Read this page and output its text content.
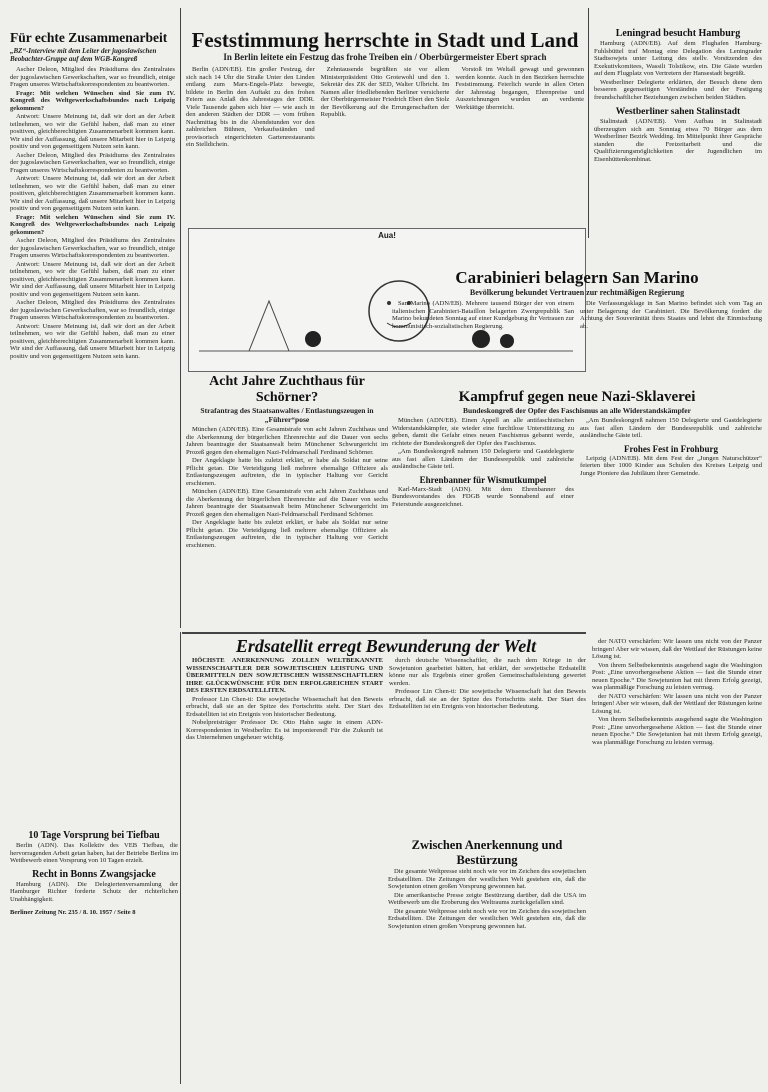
Für echte Zusammenarbeit
„BZ“-Interview mit dem Leiter der jugoslawischen Beobachter-Gruppe auf dem WGB-Kongreß

Ascher Deleon, Mitglied des Präsidiums des Zentralrates der jugoslawischen Gewerkschaften, war so freundlich, einige Fragen unseres Wirtschaftskorrespondenten zu beantworten.

Frage: Mit welchen Wünschen sind Sie zum IV. Kongreß des Weltgewerkschaftsbundes nach Leipzig gekommen?

Antwort: Unsere Meinung ist, daß wir dort an der Arbeit teilnehmen, wo wir die Gefühl haben, daß man zu einer positiven, gleichberechtigten Zusammenarbeit kommen kann. Wir sind der Auffassung, daß unsere Mitarbeit hier in Leipzig positiv und von gegenseitigem Nutzen sein kann.

Ascher Deleon, Mitglied des Präsidiums des Zentralrates der jugoslawischen Gewerkschaften, war so freundlich, einige Fragen unseres Wirtschaftskorrespondenten zu beantworten.

Antwort: Unsere Meinung ist, daß wir dort an der Arbeit teilnehmen, wo wir die Gefühl haben, daß man zu einer positiven, gleichberechtigten Zusammenarbeit kommen kann. Wir sind der Auffassung, daß unsere Mitarbeit hier in Leipzig positiv und von gegenseitigem Nutzen sein kann.

Frage: Mit welchen Wünschen sind Sie zum IV. Kongreß des Weltgewerkschaftsbundes nach Leipzig gekommen?

Ascher Deleon, Mitglied des Präsidiums des Zentralrates der jugoslawischen Gewerkschaften, war so freundlich, einige Fragen unseres Wirtschaftskorrespondenten zu beantworten.

Antwort: Unsere Meinung ist, daß wir dort an der Arbeit teilnehmen, wo wir die Gefühl haben, daß man zu einer positiven, gleichberechtigten Zusammenarbeit kommen kann. Wir sind der Auffassung, daß unsere Mitarbeit hier in Leipzig positiv und von gegenseitigem Nutzen sein kann.

Ascher Deleon, Mitglied des Präsidiums des Zentralrates der jugoslawischen Gewerkschaften, war so freundlich, einige Fragen unseres Wirtschaftskorrespondenten zu beantworten.

Antwort: Unsere Meinung ist, daß wir dort an der Arbeit teilnehmen, wo wir die Gefühl haben, daß man zu einer positiven, gleichberechtigten Zusammenarbeit kommen kann. Wir sind der Auffassung, daß unsere Mitarbeit hier in Leipzig positiv und von gegenseitigem Nutzen sein kann.

Feststimmung herrschte in Stadt und Land
In Berlin leitete ein Festzug das frohe Treiben ein / Oberbürgermeister Ebert sprach

Berlin (ADN/EB). Ein großer Festzug, der sich nach 14 Uhr die Straße Unter den Linden entlang zum Marx-Engels-Platz bewegte, bildete in Berlin den Auftakt zu den frohen Feiern aus Anlaß des Jahrestages der DDR. Viele Tausende gaben sich hier — wie auch in den anderen Städten der DDR — vom frühen Nachmittag bis in die Abendstunden vor den zahlreichen Bühnen, Verkaufsständen und provisorisch eingerichteten Gartenrestaurants ein Stelldichein.

Zehntausende begrüßten sie vor allem Ministerpräsident Otto Grotewohl und den 1. Sekretär des ZK der SED, Walter Ulbricht. Im Namen aller friedliebenden Berliner versicherte der Oberbürgermeister Friedrich Ebert den Stolz der Bevölkerung auf die Errungenschaften der Republik.

Vorstoß im Weltall gewagt und gewonnen werden konnte. Auch in den Bezirken herrschte Feststimmung. Feierlich wurde in allen Orten der Jahrestag begangen, Ehrenpreise und Auszeichnungen wurden an verdiente Werktätige überreicht.

Aua!
Leningrad besucht Hamburg

Hamburg (ADN/EB). Auf dem Flughafen Hamburg-Fuhlsbüttel traf Montag eine Delegation des Leningrader Stadtsowjets unter Leitung des stellv. Vorsitzenden des Exekutivkomitees, Wassili Tolstikow, ein. Die Gäste wurden auf dem Flugplatz von Vertretern der Hansestadt begrüßt.

Westberliner Delegierte erklärten, der Besuch diene dem besseren gegenseitigen Verständnis und der Festigung freundschaftlicher Beziehungen zwischen beiden Städten.

Westberliner sahen Stalinstadt

Stalinstadt (ADN/EB). Vom Aufbau in Stalinstadt überzeugten sich am Sonntag etwa 70 Bürger aus dem Westberliner Bezirk Wedding. Im Mittelpunkt ihrer Gespräche standen die Freizeitarbeit und die Qualifizierungsmöglichkeiten der Jugendlichen im Eisenhüttenkombinat.

Carabinieri belagern San Marino
Bevölkerung bekundet Vertrauen zur rechtmäßigen Regierung

San Marino (ADN/EB). Mehrere tausend Bürger der von einem italienischen Carabinieri-Bataillon belagerten Zwergrepublik San Marino bekundeten Sonntag auf einer Kundgebung ihr Vertrauen zur kommunistisch-sozialistischen Regierung.

Die Verfassungsklage in San Marino befindet sich vom Tag an unter Belagerung der Carabinieri. Die Bevölkerung fordert die Achtung der Souveränität ihres Staates und lehnt die Einmischung ab.

Acht Jahre Zuchthaus für Schörner?
Strafantrag des Staatsanwaltes / Entlastungszeugen in „Führer“pose

München (ADN/EB). Eine Gesamtstrafe von acht Jahren Zuchthaus und die Aberkennung der bürgerlichen Ehrenrechte auf die Dauer von sechs Jahren beantragte der Staatsanwalt beim Münchener Schwurgericht im Prozeß gegen den ehemaligen Nazi-Feldmarschall Ferdinand Schörner.

Der Angeklagte hatte bis zuletzt erklärt, er habe als Soldat nur seine Pflicht getan. Die Verteidigung ließ mehrere ehemalige Offiziere als Entlastungszeugen auftreten, die in typischer Haltung vor Gericht erschienen.

München (ADN/EB). Eine Gesamtstrafe von acht Jahren Zuchthaus und die Aberkennung der bürgerlichen Ehrenrechte auf die Dauer von sechs Jahren beantragte der Staatsanwalt beim Münchener Schwurgericht im Prozeß gegen den ehemaligen Nazi-Feldmarschall Ferdinand Schörner.

Der Angeklagte hatte bis zuletzt erklärt, er habe als Soldat nur seine Pflicht getan. Die Verteidigung ließ mehrere ehemalige Offiziere als Entlastungszeugen auftreten, die in typischer Haltung vor Gericht erschienen.

Kampfruf gegen neue Nazi-Sklaverei
Bundeskongreß der Opfer des Faschismus an alle Widerstandskämpfer

München (ADN/EB). Einen Appell an alle antifaschistischen Widerstandskämpfer, sie wieder eine furchtlose Unterstützung zu geben, damit die Gefahr eines neuen Faschismus gebannt werde, richtete der Bundeskongreß der Opfer des Faschismus.

„Am Bundeskongreß nahmen 150 Delegierte und Gastdelegierte aus fast allen Ländern der Bundesrepublik und zahlreiche ausländische Gäste teil.

Ehrenbanner für Wismutkumpel

Karl-Marx-Stadt (ADN). Mit dem Ehrenbanner des Bundesvorstandes des FDGB wurde Sonnabend auf einer Feierstunde ausgezeichnet.

„Am Bundeskongreß nahmen 150 Delegierte und Gastdelegierte aus fast allen Ländern der Bundesrepublik und zahlreiche ausländische Gäste teil.

Frohes Fest in Frohburg

Leipzig (ADN/EB). Mit dem Fest der „Jungen Naturschützer“ feierten über 1000 Kinder aus Schulen des Kreises Leipzig und Junge Pioniere das Jubiläum ihrer Gemeinde.

Erdsatellit erregt Bewunderung der Welt

HÖCHSTE ANERKENNUNG ZOLLEN WELTBEKANNTE WISSENSCHAFTLER DER SOWJETISCHEN LEISTUNG UND ÜBERMITTELN DEN SOWJETISCHEN WISSENSCHAFTLERN IHRE GLÜCKWÜNSCHE FÜR DEN ERFOLGREICHEN START DES ERSTEN ERDSATELLITEN.

Professor Lin Chen-ti: Die sowjetische Wissenschaft hat den Beweis erbracht, daß sie an der Spitze des Fortschritts steht. Der Start des Erdsatelliten ist ein Ereignis von historischer Bedeutung.

Nobelpreisträger Professor Dr. Otto Hahn sagte in einem ADN-Korrespondenten in Westberlin: Es ist imponierend! Für die Zukunft ist das Unternehmen ungeheuer wichtig.

durch deutsche Wissenschaftler, die nach dem Kriege in der Sowjetunion gearbeitet hätten, hat erklärt, der sowjetische Erdsatellit könne nur als Ergebnis einer großen Gemeinschaftsleistung gewertet werden.

Professor Lin Chen-ti: Die sowjetische Wissenschaft hat den Beweis erbracht, daß sie an der Spitze des Fortschritts steht. Der Start des Erdsatelliten ist ein Ereignis von historischer Bedeutung.

Zwischen Anerkennung und Bestürzung

Die gesamte Weltpresse steht noch wie vor im Zeichen des sowjetischen Erdsatelliten. Die Zeitungen der westlichen Welt gestehen ein, daß die Sowjetunion einen großen Vorsprung gewonnen hat.

Die amerikanische Presse zeigte Bestürzung darüber, daß die USA im Wettbewerb um die Eroberung des Weltraums zurückgefallen sind.

Die gesamte Weltpresse steht noch wie vor im Zeichen des sowjetischen Erdsatelliten. Die Zeitungen der westlichen Welt gestehen ein, daß die Sowjetunion einen großen Vorsprung gewonnen hat.

der NATO verschärfen: Wir lassen uns nicht von der Panzer bringen! Aber wir wissen, daß der Wettlauf der Rüstungen keine Lösung ist.

Von ihrem Selbstbekenntnis ausgehend sagte die Washington Post: „Eine unvorhergesehene Aktion — fast die Stunde einer neuen Epoche.“ Die Sowjetunion hat mit ihrem Erfolg gezeigt, was planmäßige Forschung zu leisten vermag.

der NATO verschärfen: Wir lassen uns nicht von der Panzer bringen! Aber wir wissen, daß der Wettlauf der Rüstungen keine Lösung ist.

Von ihrem Selbstbekenntnis ausgehend sagte die Washington Post: „Eine unvorhergesehene Aktion — fast die Stunde einer neuen Epoche.“ Die Sowjetunion hat mit ihrem Erfolg gezeigt, was planmäßige Forschung zu leisten vermag.

10 Tage Vorsprung bei Tiefbau

Berlin (ADN). Das Kollektiv des VEB Tiefbau, die hervorragenden Arbeit getan haben, hat der Betriebe Berlins im Wettbewerb einen Vorsprung von 10 Tagen erzielt.

Recht in Bonns Zwangsjacke

Hamburg (ADN). Die Delegiertenversammlung der Hamburger Richter forderte Schutz der richterlichen Unabhängigkeit.

Berliner Zeitung Nr. 235 / 8. 10. 1957 / Seite 8
